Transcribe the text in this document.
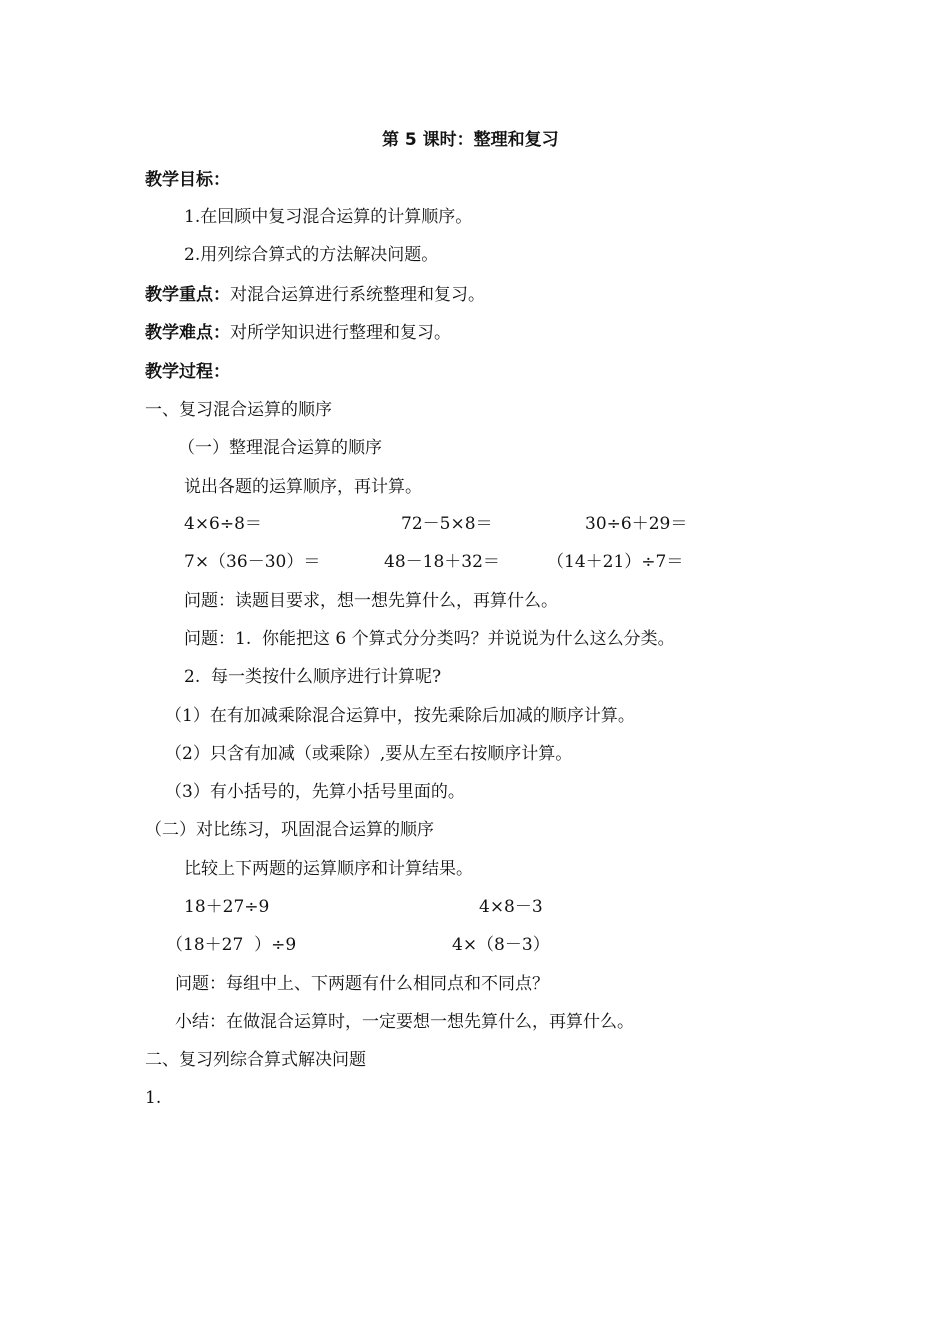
第 5 课时：整理和复习
教学目标：
1.在回顾中复习混合运算的计算顺序。
2.用列综合算式的方法解决问题。
教学重点：对混合运算进行系统整理和复习。
教学难点：对所学知识进行整理和复习。
教学过程：
一、复习混合运算的顺序
（一）整理混合运算的顺序
说出各题的运算顺序，再计算。
4×6÷8＝	72－5×8＝	30÷6＋29＝
7×（36－30）＝	48－18＋32＝	（14＋21）÷7＝
问题：读题目要求，想一想先算什么，再算什么。
问题：1.  你能把这 6 个算式分分类吗？并说说为什么这么分类。
2.  每一类按什么顺序进行计算呢?
（1）在有加减乘除混合运算中，按先乘除后加减的顺序计算。
（2）只含有加减（或乘除）,要从左至右按顺序计算。
（3）有小括号的，先算小括号里面的。
（二）对比练习，巩固混合运算的顺序
比较上下两题的运算顺序和计算结果。
18＋27÷9	4×8－3
（18＋27  ）÷9	4×（8－3）
问题：每组中上、下两题有什么相同点和不同点？
小结：在做混合运算时，一定要想一想先算什么，再算什么。
二、复习列综合算式解决问题
1.
